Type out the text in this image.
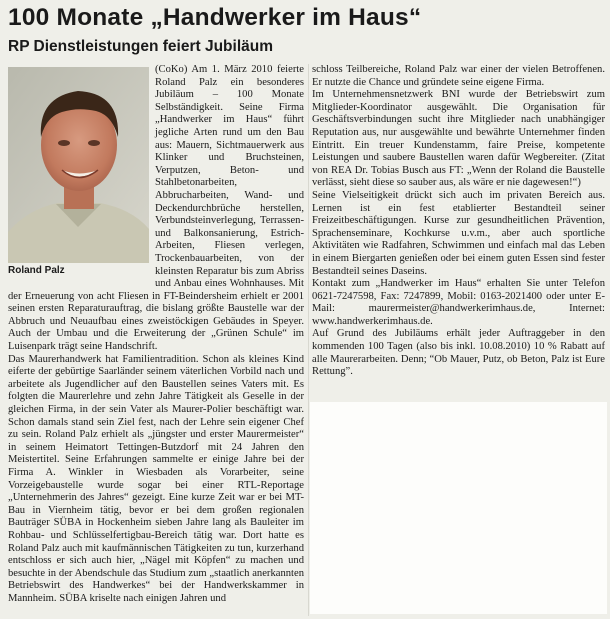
100 Monate „Handwerker im Haus“
RP Dienstleistungen feiert Jubiläum
Roland Palz

(CoKo) Am 1. März 2010 feierte Roland Palz ein besonderes Jubiläum – 100 Monate Selbständigkeit. Seine Firma „Handwerker im Haus“ führt jegliche Arten rund um den Bau aus: Mauern, Sichtmauerwerk aus Klinker und Bruchsteinen, Verputzen, Beton- und Stahlbetonarbeiten, Abbrucharbeiten, Wand- und Deckendurchbrüche herstellen, Verbundsteinverlegung, Terrassen- und Balkonsanierung, Estrich-Arbeiten, Fliesen verlegen, Trockenbauarbeiten, von der kleinsten Reparatur bis zum Abriss und Anbau eines Wohnhauses. Mit der Erneuerung von acht Fliesen in FT-Beindersheim erhielt er 2001 seinen ersten Reparaturauftrag, die bislang größte Baustelle war der Abbruch und Neuaufbau eines zweistöckigen Gebäudes in Speyer. Auch der Umbau und die Erweiterung der „Grünen Schule“ im Luisenpark trägt seine Handschrift.

Das Maurerhandwerk hat Familientradition. Schon als kleines Kind eiferte der gebürtige Saarländer seinem väterlichen Vorbild nach und arbeitete als Jugendlicher auf den Baustellen seines Vaters mit. Es folgten die Maurerlehre und zehn Jahre Tätigkeit als Geselle in der gleichen Firma, in der sein Vater als Maurer-Polier beschäftigt war. Schon damals stand sein Ziel fest, nach der Lehre sein eigener Chef zu sein. Roland Palz erhielt als „jüngster und erster Maurermeister“ in seinem Heimatort Tettingen-Butzdorf mit 24 Jahren den Meistertitel. Seine Erfahrungen sammelte er einige Jahre bei der Firma A. Winkler in Wiesbaden als Vorarbeiter, seine Vorzeigebaustelle wurde sogar bei einer RTL-Reportage „Unternehmerin des Jahres“ gezeigt. Eine kurze Zeit war er bei MT-Bau in Viernheim tätig, bevor er bei dem großen regionalen Bauträger SÜBA in Hockenheim sieben Jahre lang als Bauleiter im Rohbau- und Schlüsselfertigbau-Bereich tätig war. Dort hatte es Roland Palz auch mit kaufmännischen Tätigkeiten zu tun, kurzerhand entschloss er sich auch hier, „Nägel mit Köpfen“ zu machen und besuchte in der Abendschule das Studium zum „staatlich anerkannten Betriebswirt des Handwerkes“ bei der Handwerkskammer in Mannheim. SÜBA kriselte nach einigen Jahren und

schloss Teilbereiche, Roland Palz war einer der vielen Betroffenen. Er nutzte die Chance und gründete seine eigene Firma.

Im Unternehmensnetzwerk BNI wurde der Betriebswirt zum Mitglieder-Koordinator ausgewählt. Die Organisation für Geschäftsverbindungen sucht ihre Mitglieder nach unabhängiger Reputation aus, nur ausgewählte und bewährte Unternehmer finden Eintritt. Ein treuer Kundenstamm, faire Preise, kompetente Leistungen und saubere Baustellen waren dafür Wegbereiter. (Zitat von REA Dr. Tobias Busch aus FT: „Wenn der Roland die Baustelle verlässt, sieht diese so sauber aus, als wäre er nie dagewesen!“)

Seine Vielseitigkeit drückt sich auch im privaten Bereich aus. Lernen ist ein fest etablierter Bestandteil seiner Freizeitbeschäftigungen. Kurse zur gesundheitlichen Prävention, Sprachenseminare, Kochkurse u.v.m., aber auch sportliche Aktivitäten wie Radfahren, Schwimmen und einfach mal das Leben in einem Biergarten genießen oder bei einem guten Essen sind fester Bestandteil seines Daseins.

Kontakt zum „Handwerker im Haus“ erhalten Sie unter Telefon 0621-7247598, Fax: 7247899, Mobil: 0163-2021400 oder unter E-Mail: maurermeister@handwerkerimhaus.de, Internet: www.handwerkerimhaus.de.

Auf Grund des Jubiläums erhält jeder Auftraggeber in den kommenden 100 Tagen (also bis inkl. 10.08.2010) 10 % Rabatt auf alle Maurerarbeiten. Denn; “Ob Mauer, Putz, ob Beton, Palz ist Eure Rettung”.
